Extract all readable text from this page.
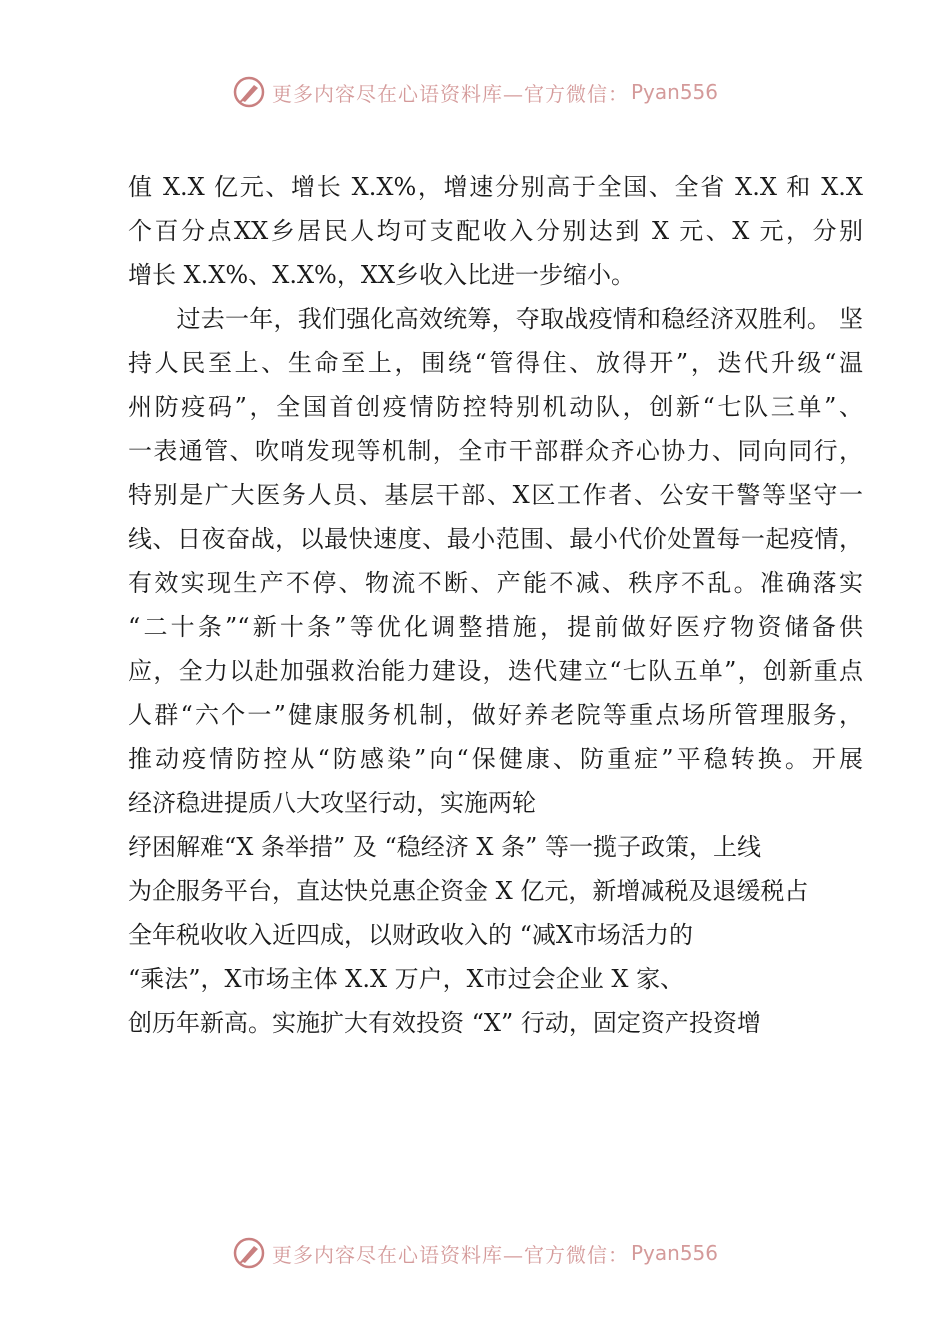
更多内容尽在心语资料库—官方微信： Pyan556
值 X.X 亿元、增长 X.X%，增速分别高于全国、全省 X.X 和 X.X
个百分点XX乡居民人均可支配收入分别达到 X 元、X 元，分别
增长 X.X%、X.X%，XX乡收入比进一步缩小。
　　过去一年，我们强化高效统筹，夺取战疫情和稳经济双胜利。 坚
持人民至上、生命至上，围绕“管得住、放得开”，迭代升级“温
州防疫码”，全国首创疫情防控特别机动队，创新“七队三单”、
一表通管、吹哨发现等机制，全市干部群众齐心协力、同向同行，
特别是广大医务人员、基层干部、X区工作者、公安干警等坚守一
线、日夜奋战，以最快速度、最小范围、最小代价处置每一起疫情，
有效实现生产不停、物流不断、产能不减、秩序不乱。准确落实
“二十条”“新十条”等优化调整措施，提前做好医疗物资储备供
应，全力以赴加强救治能力建设，迭代建立“七队五单”，创新重点
人群“六个一”健康服务机制，做好养老院等重点场所管理服务，
推动疫情防控从“防感染”向“保健康、防重症”平稳转换。开展
经济稳进提质八大攻坚行动，实施两轮
纾困解难“X 条举措” 及 “稳经济 X 条” 等一揽子政策，上线
为企服务平台，直达快兑惠企资金 X 亿元，新增减税及退缓税占
全年税收收入近四成，以财政收入的 “减X市场活力的
“乘法”，X市场主体 X.X 万户，X市过会企业 X 家、
创历年新高。实施扩大有效投资 “X” 行动，固定资产投资增
更多内容尽在心语资料库—官方微信： Pyan556
